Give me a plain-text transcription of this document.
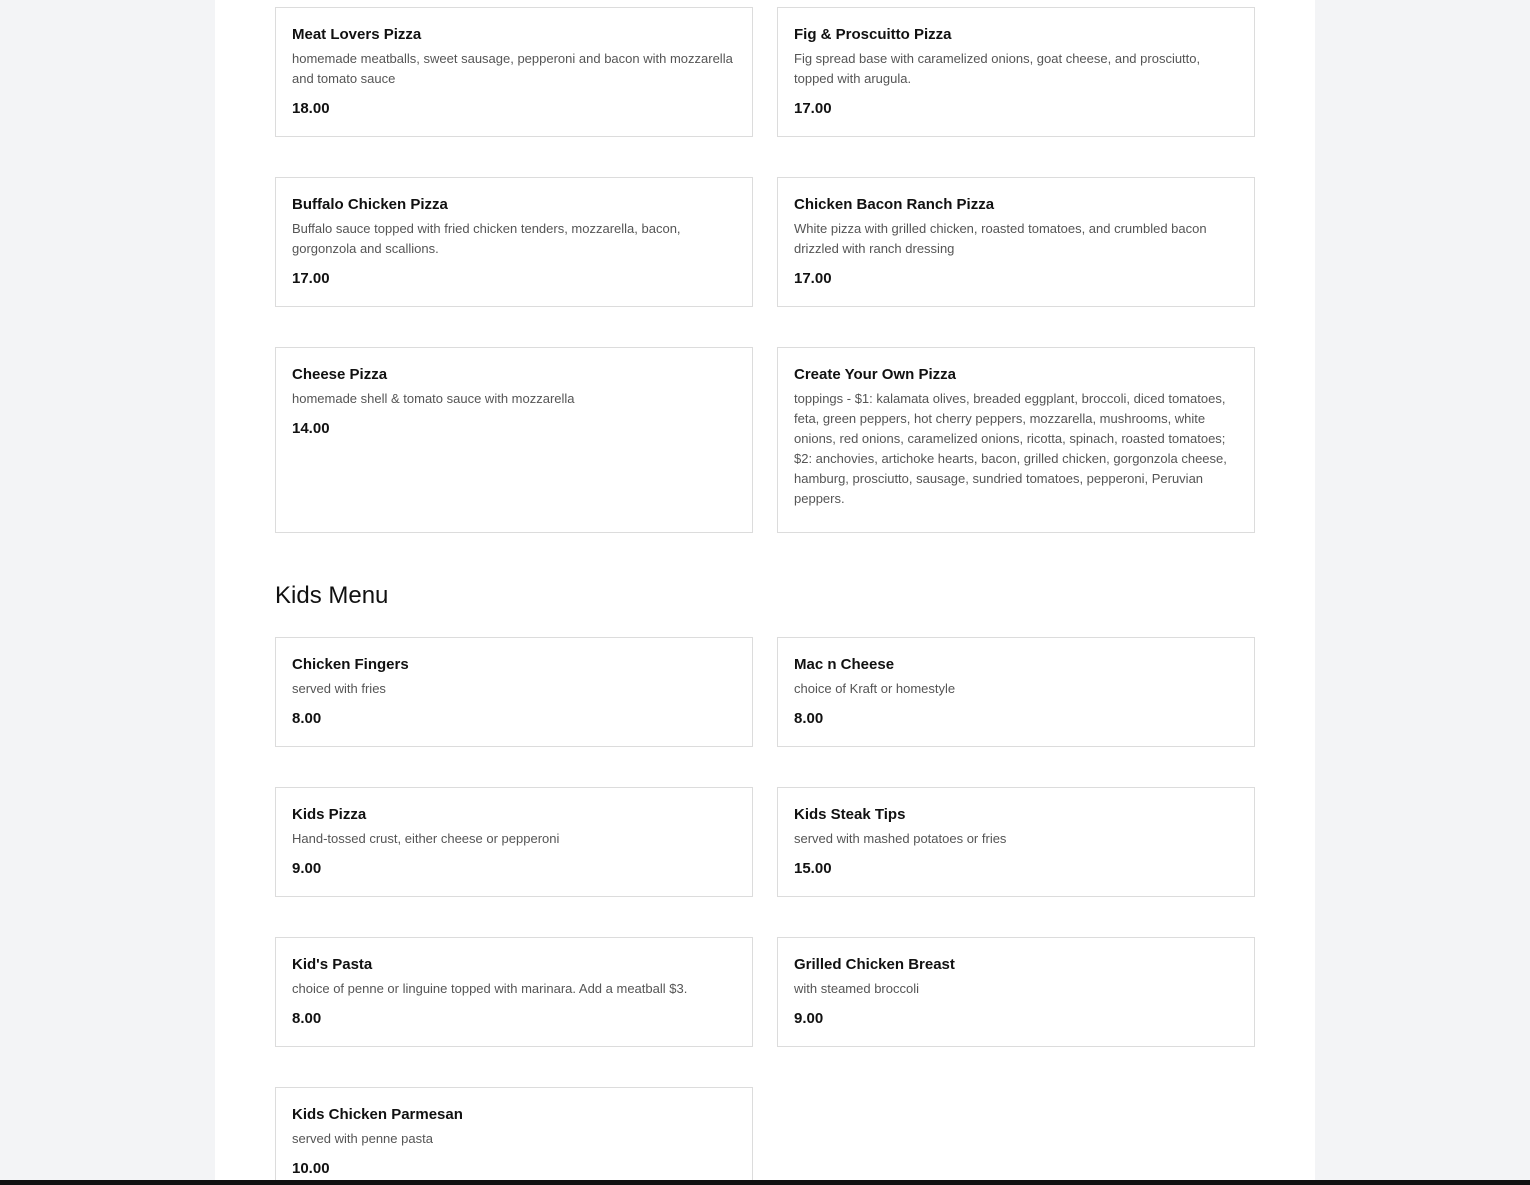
Meat Lovers Pizza
homemade meatballs, sweet sausage, pepperoni and bacon with mozzarella and tomato sauce
18.00
Fig & Proscuitto Pizza
Fig spread base with caramelized onions, goat cheese, and prosciutto, topped with arugula.
17.00
Buffalo Chicken Pizza
Buffalo sauce topped with fried chicken tenders, mozzarella, bacon, gorgonzola and scallions.
17.00
Chicken Bacon Ranch Pizza
White pizza with grilled chicken, roasted tomatoes, and crumbled bacon drizzled with ranch dressing
17.00
Cheese Pizza
homemade shell & tomato sauce with mozzarella
14.00
Create Your Own Pizza
toppings - $1: kalamata olives, breaded eggplant, broccoli, diced tomatoes, feta, green peppers, hot cherry peppers, mozzarella, mushrooms, white onions, red onions, caramelized onions, ricotta, spinach, roasted tomatoes; $2: anchovies, artichoke hearts, bacon, grilled chicken, gorgonzola cheese, hamburg, prosciutto, sausage, sundried tomatoes, pepperoni, Peruvian peppers.
Kids Menu
Chicken Fingers
served with fries
8.00
Mac n Cheese
choice of Kraft or homestyle
8.00
Kids Pizza
Hand-tossed crust, either cheese or pepperoni
9.00
Kids Steak Tips
served with mashed potatoes or fries
15.00
Kid's Pasta
choice of penne or linguine topped with marinara. Add a meatball $3.
8.00
Grilled Chicken Breast
with steamed broccoli
9.00
Kids Chicken Parmesan
served with penne pasta
10.00
